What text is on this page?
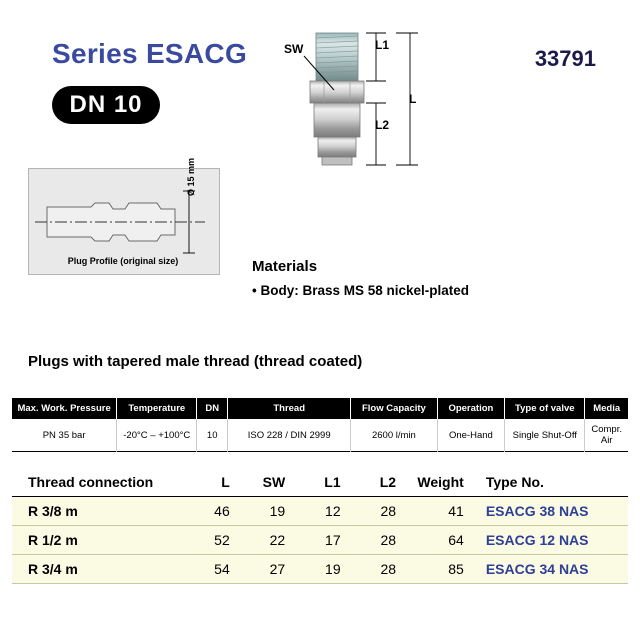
Series ESACG
DN 10
33791
SW	L1
L2
L
Ø 15 mm
Plug Profile (original size)	Materials
• Body: Brass MS 58 nickel-plated
Plugs with tapered male thread (thread coated)
Max. Work. Pressure	Temperature	DN	Thread	Flow Capacity	Operation	Type of valve	Media
PN 35 bar	-20°C – +100°C	10	ISO 228 / DIN 2999	2600 l/min	One-Hand	Single Shut-Off	Compr. Air
Thread connection	L	SW	L1	L2	Weight	Type No.
R 3/8 m	46	19	12	28	41	ESACG 38 NAS
R 1/2 m	52	22	17	28	64	ESACG 12 NAS
R 3/4 m	54	27	19	28	85	ESACG 34 NAS
